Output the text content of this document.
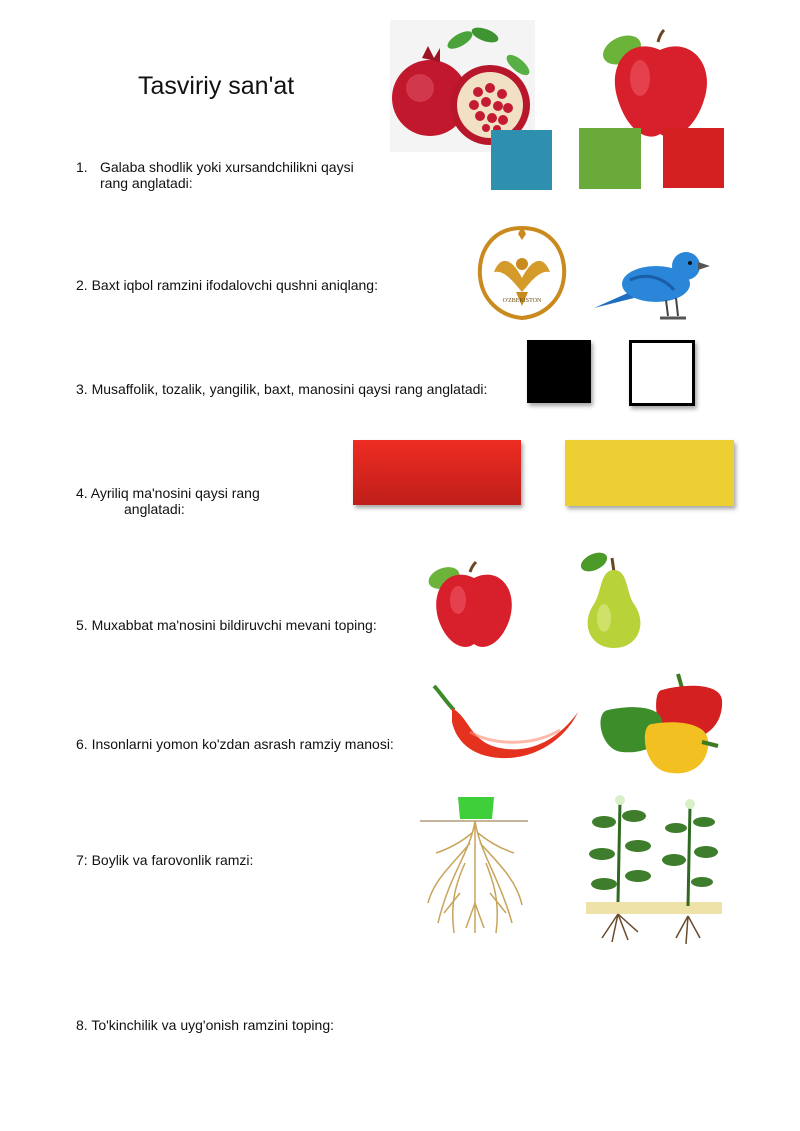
Tasviriy san'at
1. Galaba shodlik yoki xursandchilikni qaysi
rang anglatadi:
2. Baxt iqbol ramzini ifodalovchi qushni aniqlang:
O'ZBEKISTON
3. Musaffolik, tozalik, yangilik, baxt, manosini qaysi rang anglatadi:
4. Ayriliq ma'nosini qaysi rang
anglatadi:
5. Muxabbat ma'nosini bildiruvchi mevani toping:
6. Insonlarni yomon ko'zdan asrash ramziy manosi:
7: Boylik va farovonlik ramzi:
8. To'kinchilik va uyg'onish ramzini toping:
